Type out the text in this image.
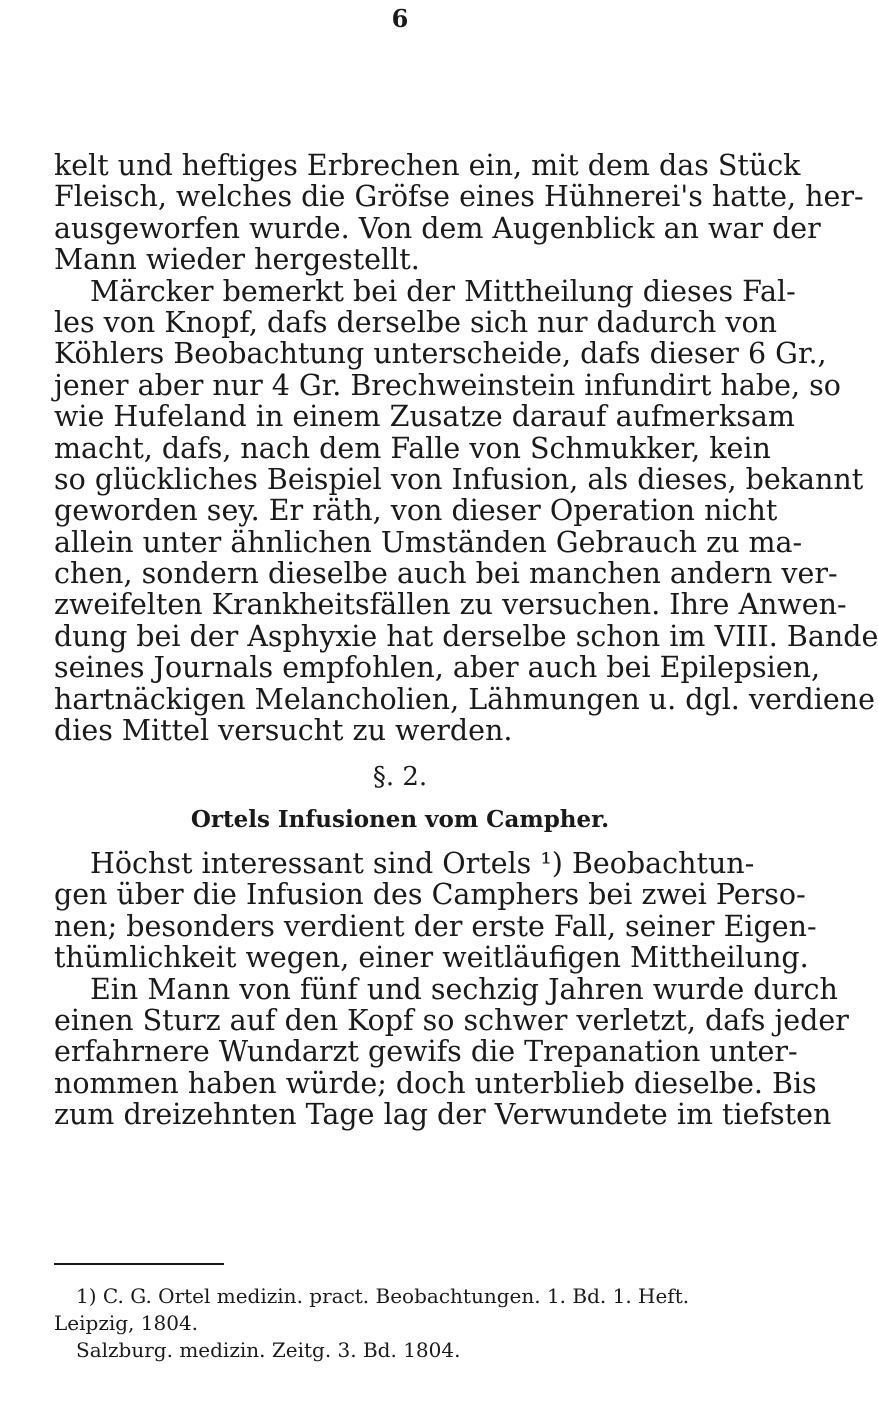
6
kelt und heftiges Erbrechen ein, mit dem das Stück
Fleisch, welches die Gröfse eines Hühnerei's hatte, her-
ausgeworfen wurde. Von dem Augenblick an war der
Mann wieder hergestellt.
Märcker bemerkt bei der Mittheilung dieses Fal-
les von Knopf, dafs derselbe sich nur dadurch von
Köhlers Beobachtung unterscheide, dafs dieser 6 Gr.,
jener aber nur 4 Gr. Brechweinstein infundirt habe, so
wie Hufeland in einem Zusatze darauf aufmerksam
macht, dafs, nach dem Falle von Schmukker, kein
so glückliches Beispiel von Infusion, als dieses, bekannt
geworden sey. Er räth, von dieser Operation nicht
allein unter ähnlichen Umständen Gebrauch zu ma-
chen, sondern dieselbe auch bei manchen andern ver-
zweifelten Krankheitsfällen zu versuchen. Ihre Anwen-
dung bei der Asphyxie hat derselbe schon im VIII. Bande
seines Journals empfohlen, aber auch bei Epilepsien,
hartnäckigen Melancholien, Lähmungen u. dgl. verdiene
dies Mittel versucht zu werden.
§. 2.
Ortels Infusionen vom Campher.
Höchst interessant sind Ortels ¹) Beobachtun-
gen über die Infusion des Camphers bei zwei Perso-
nen; besonders verdient der erste Fall, seiner Eigen-
thümlichkeit wegen, einer weitläufigen Mittheilung.
Ein Mann von fünf und sechzig Jahren wurde durch
einen Sturz auf den Kopf so schwer verletzt, dafs jeder
erfahrnere Wundarzt gewifs die Trepanation unter-
nommen haben würde; doch unterblieb dieselbe. Bis
zum dreizehnten Tage lag der Verwundete im tiefsten
1) C. G. Ortel medizin. pract. Beobachtungen. 1. Bd. 1. Heft.
Leipzig, 1804.
Salzburg. medizin. Zeitg. 3. Bd. 1804.
